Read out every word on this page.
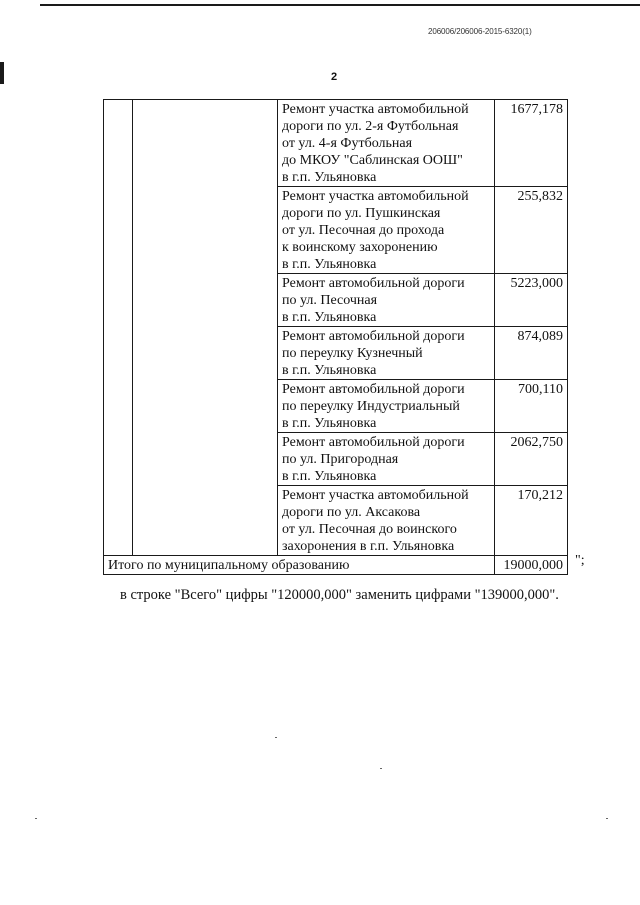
206006/206006-2015-6320(1)
2
		Ремонт участка автомобильной
дороги по ул. 2-я Футбольная
от ул. 4-я Футбольная
до МКОУ "Саблинская ООШ"
в г.п. Ульяновка	1677,178
		Ремонт участка автомобильной
дороги по ул. Пушкинская
от ул. Песочная до прохода
к воинскому захоронению
в г.п. Ульяновка	255,832
		Ремонт автомобильной дороги
по ул. Песочная
в г.п. Ульяновка	5223,000
		Ремонт автомобильной дороги
по переулку Кузнечный
в г.п. Ульяновка	874,089
		Ремонт автомобильной дороги
по переулку Индустриальный
в г.п. Ульяновка	700,110
		Ремонт автомобильной дороги
по ул. Пригородная
в г.п. Ульяновка	2062,750
		Ремонт участка автомобильной
дороги по ул. Аксакова
от ул. Песочная до воинского
захоронения в г.п. Ульяновка	170,212
Итого по муниципальному образованию			19000,000 ";
в строке "Всего" цифры "120000,000" заменить цифрами "139000,000".
